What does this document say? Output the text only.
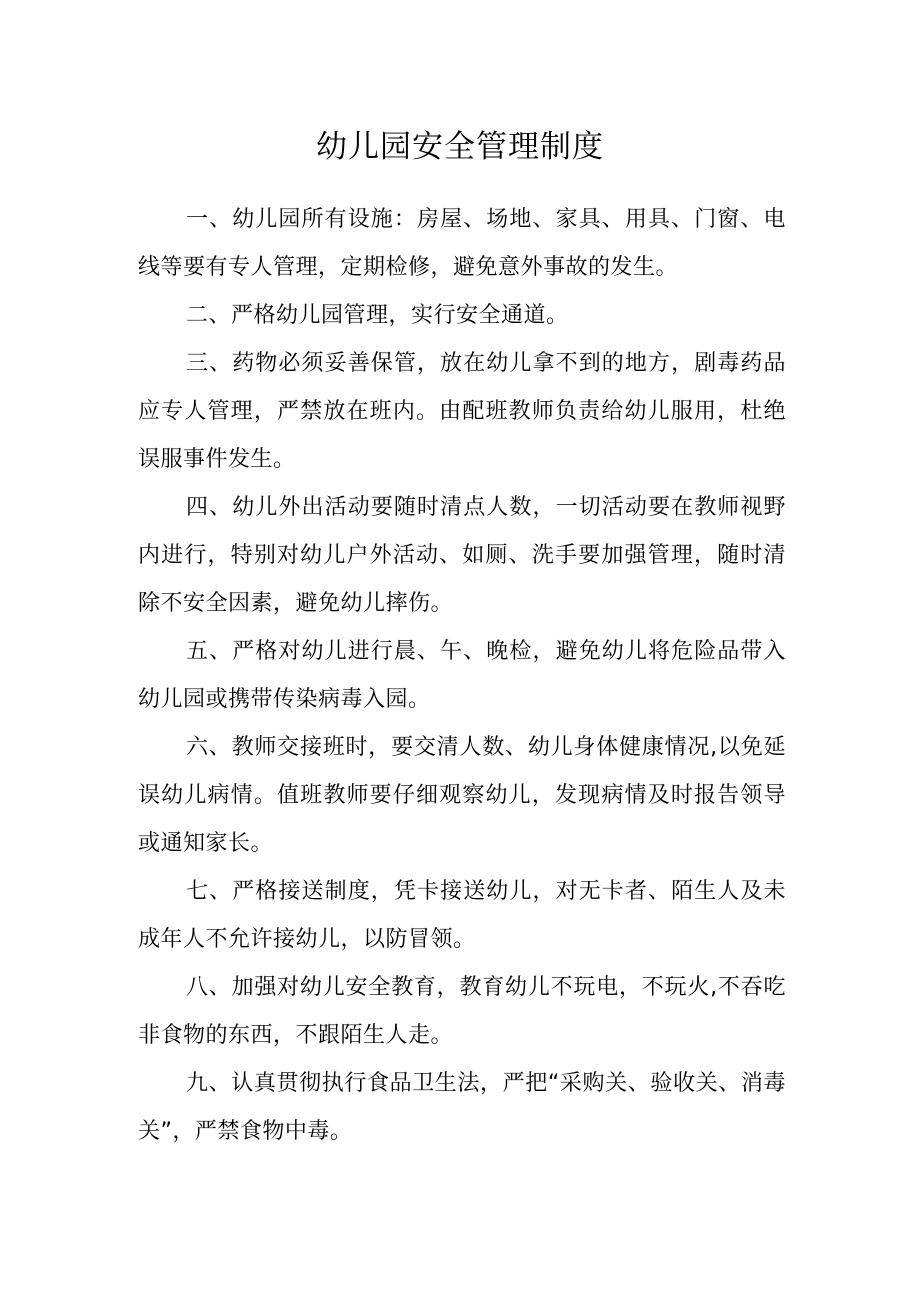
幼儿园安全管理制度

一、幼儿园所有设施：房屋、场地、家具、用具、门窗、电线等要有专人管理，定期检修，避免意外事故的发生。

二、严格幼儿园管理，实行安全通道。

三、药物必须妥善保管，放在幼儿拿不到的地方，剧毒药品应专人管理，严禁放在班内。由配班教师负责给幼儿服用，杜绝误服事件发生。

四、幼儿外出活动要随时清点人数，一切活动要在教师视野内进行，特别对幼儿户外活动、如厕、洗手要加强管理，随时清除不安全因素，避免幼儿摔伤。

五、严格对幼儿进行晨、午、晚检，避免幼儿将危险品带入幼儿园或携带传染病毒入园。

六、教师交接班时，要交清人数、幼儿身体健康情况,以免延误幼儿病情。值班教师要仔细观察幼儿，发现病情及时报告领导或通知家长。

七、严格接送制度，凭卡接送幼儿，对无卡者、陌生人及未成年人不允许接幼儿，以防冒领。

八、加强对幼儿安全教育，教育幼儿不玩电，不玩火,不吞吃非食物的东西，不跟陌生人走。

九、认真贯彻执行食品卫生法，严把“采购关、验收关、消毒关”，严禁食物中毒。
